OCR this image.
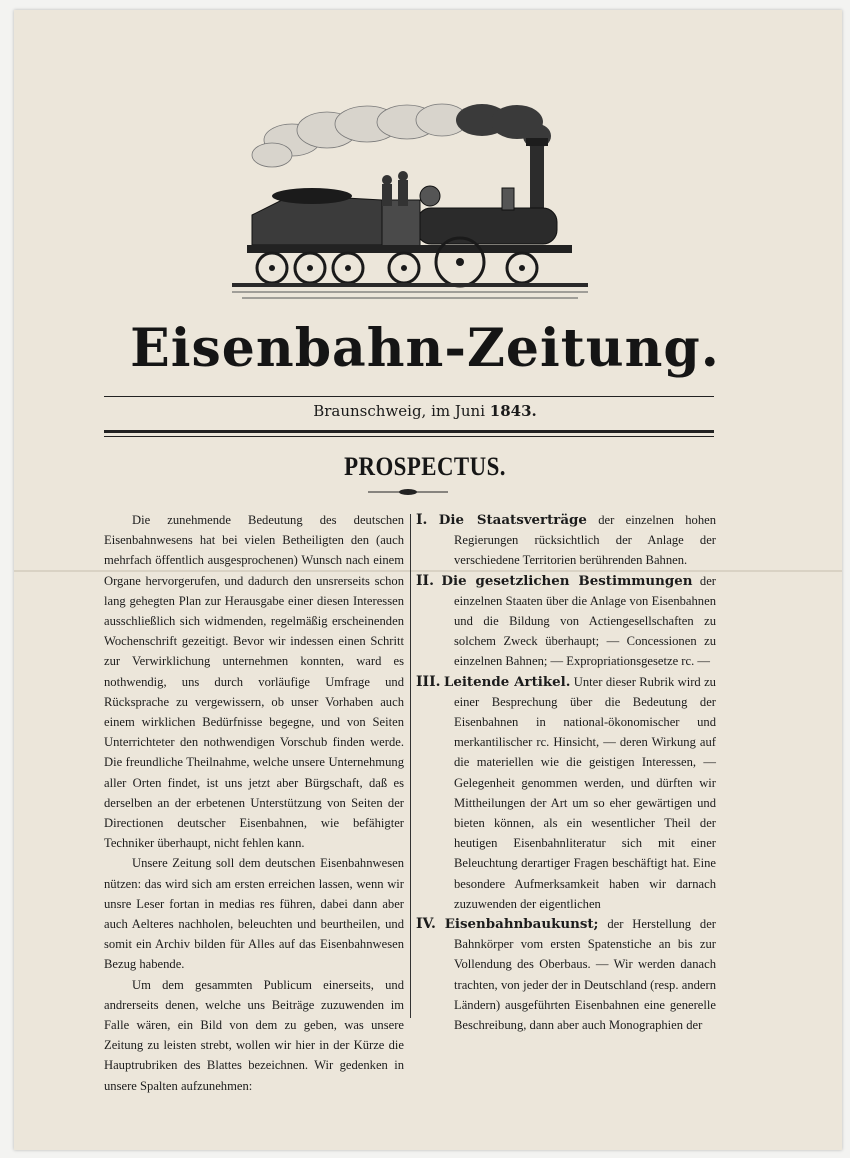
Eisenbahn-Zeitung.
Braunschweig, im Juni 1843.
PROSPECTUS.

Die zunehmende Bedeutung des deutschen Eisenbahnwesens hat bei vielen Betheiligten den (auch mehrfach öffentlich ausgesprochenen) Wunsch nach einem Organe hervorgerufen, und dadurch den unsrerseits schon lang gehegten Plan zur Herausgabe einer diesen Interessen ausschließlich sich widmenden, regelmäßig erscheinenden Wochenschrift gezeitigt. Bevor wir indessen einen Schritt zur Verwirklichung unternehmen konnten, ward es nothwendig, uns durch vorläufige Umfrage und Rücksprache zu vergewissern, ob unser Vorhaben auch einem wirklichen Bedürfnisse begegne, und von Seiten Unterrichteter den nothwendigen Vorschub finden werde. Die freundliche Theilnahme, welche unsere Unternehmung aller Orten findet, ist uns jetzt aber Bürgschaft, daß es derselben an der erbetenen Unterstützung von Seiten der Directionen deutscher Eisenbahnen, wie befähigter Techniker überhaupt, nicht fehlen kann.

Unsere Zeitung soll dem deutschen Eisenbahnwesen nützen: das wird sich am ersten erreichen lassen, wenn wir unsre Leser fortan in medias res führen, dabei dann aber auch Aelteres nachholen, beleuchten und beurtheilen, und somit ein Archiv bilden für Alles auf das Eisenbahnwesen Bezug habende.

Um dem gesammten Publicum einerseits, und andrerseits denen, welche uns Beiträge zuzuwenden im Falle wären, ein Bild von dem zu geben, was unsere Zeitung zu leisten strebt, wollen wir hier in der Kürze die Hauptrubriken des Blattes bezeichnen. Wir gedenken in unsere Spalten aufzunehmen:

I. Die Staatsverträge der einzelnen hohen Regierungen rücksichtlich der Anlage der verschiedene Territorien berührenden Bahnen.

II. Die gesetzlichen Bestimmungen der einzelnen Staaten über die Anlage von Eisenbahnen und die Bildung von Actiengesellschaften zu solchem Zweck überhaupt; — Concessionen zu einzelnen Bahnen; — Expropriationsgesetze rc. —

III. Leitende Artikel. Unter dieser Rubrik wird zu einer Besprechung über die Bedeutung der Eisenbahnen in national-ökonomischer und merkantilischer rc. Hinsicht, — deren Wirkung auf die materiellen wie die geistigen Interessen, — Gelegenheit genommen werden, und dürften wir Mittheilungen der Art um so eher gewärtigen und bieten können, als ein wesentlicher Theil der heutigen Eisenbahnliteratur sich mit einer Beleuchtung derartiger Fragen beschäftigt hat. Eine besondere Aufmerksamkeit haben wir darnach zuzuwenden der eigentlichen

IV. Eisenbahnbaukunst; der Herstellung der Bahnkörper vom ersten Spatenstiche an bis zur Vollendung des Oberbaus. — Wir werden danach trachten, von jeder der in Deutschland (resp. andern Ländern) ausgeführten Eisenbahnen eine generelle Beschreibung, dann aber auch Monographien der
